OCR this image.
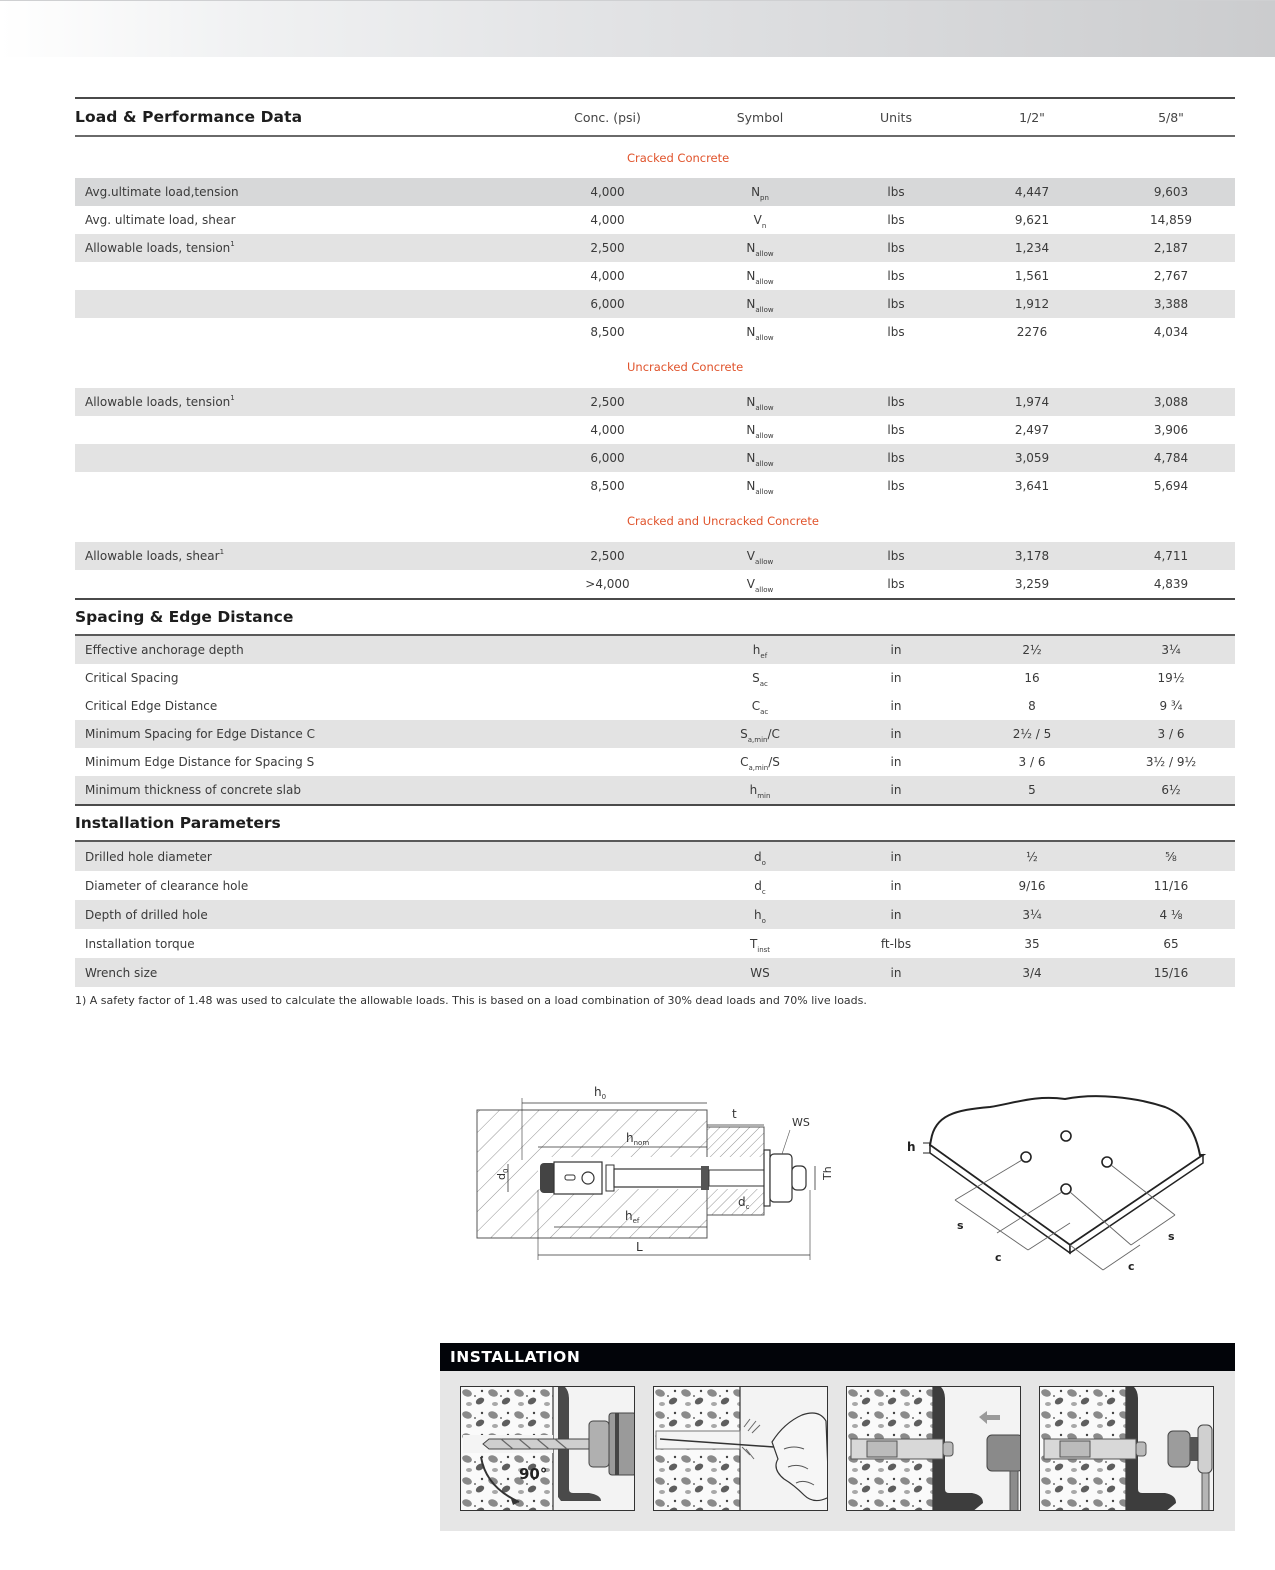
Load & Performance Data	Conc. (psi)	Symbol	Units	1/2"	5/8"
Cracked Concrete					
Avg.ultimate load,tension	4,000	$N_{pn}$	lbs	4,447	9,603
Avg. ultimate load, shear	4,000	$V_n$	lbs	9,621	14,859
Allowable loads, tension$^1$	2,500	$N_{allow}$	lbs	1,234	2,187
	4,000	$N_{allow}$	lbs	1,561	2,767
	6,000	$N_{allow}$	lbs	1,912	3,388
	8,500	$N_{allow}$	lbs	2276	4,034
Uncracked Concrete					
Allowable loads, tension$^1$	2,500	$N_{allow}$	lbs	1,974	3,088
	4,000	$N_{allow}$	lbs	2,497	3,906
	6,000	$N_{allow}$	lbs	3,059	4,784
	8,500	$N_{allow}$	lbs	3,641	5,694
Cracked and Uncracked Concrete					
Allowable loads, shear$^1$	2,500	$V_{allow}$	lbs	3,178	4,711
	>4,000	$V_{allow}$	lbs	3,259	4,839
Spacing & Edge Distance
Effective anchorage depth		$h_{ef}$	in	2½	3¼
Critical Spacing		$S_{ac}$	in	16	19½
Critical Edge Distance		$C_{ac}$	in	8	9 ¾
Minimum Spacing for Edge Distance C		$S_{a,min}/C$	in	2½ / 5	3 / 6
Minimum Edge Distance for Spacing S		$C_{a,min}/S$	in	3 / 6	3½ / 9½
Minimum thickness of concrete slab		$h_{min}$	in	5	6½
Installation Parameters
Drilled hole diameter		$d_o$	in	½	⅝
Diameter of clearance hole		$d_c$	in	9/16	11/16
Depth of drilled hole		$h_o$	in	3¼	4 ⅛
Installation torque		$T_{inst}$	ft-lbs	35	65
Wrench size		WS	in	3/4	15/16
1) A safety factor of 1.48 was used to calculate the allowable loads. This is based on a load combination of 30% dead loads and 70% live loads.
$h_0$
t
WS
$h_{nom}$
$d_0$	Th
$h_{ef}$
$d_c$
L
h
s
c
s
c
INSTALLATION
90°
